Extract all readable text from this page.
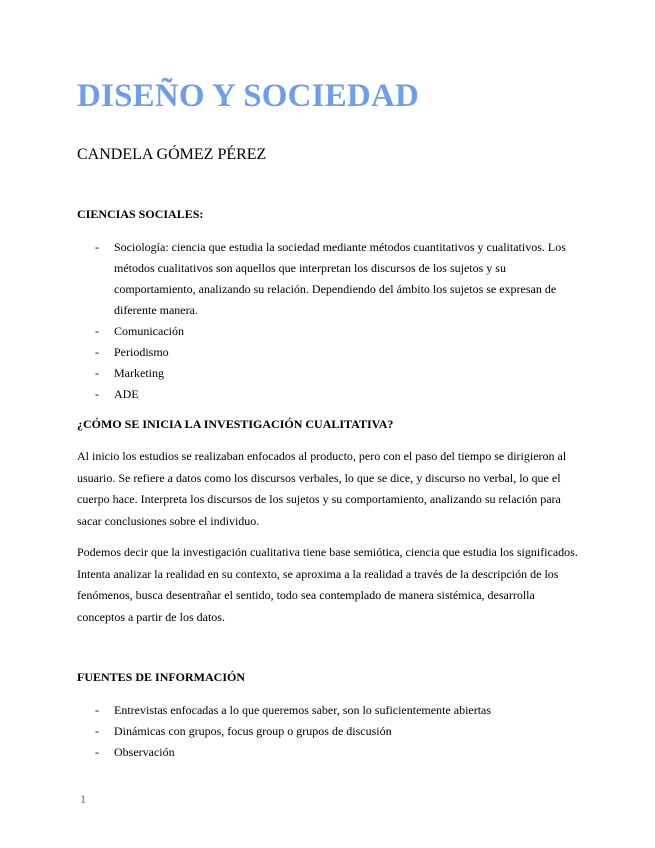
DISEÑO Y SOCIEDAD
CANDELA GÓMEZ PÉREZ
CIENCIAS SOCIALES:
- Sociología: ciencia que estudia la sociedad mediante métodos cuantitativos y cualitativos. Los métodos cualitativos son aquellos que interpretan los discursos de los sujetos y su comportamiento, analizando su relación. Dependiendo del ámbito los sujetos se expresan de diferente manera.
- Comunicación
- Periodismo
- Marketing
- ADE
¿CÓMO SE INICIA LA INVESTIGACIÓN CUALITATIVA?

Al inicio los estudios se realizaban enfocados al producto, pero con el paso del tiempo se dirigieron al usuario. Se refiere a datos como los discursos verbales, lo que se dice, y discurso no verbal, lo que el cuerpo hace. Interpreta los discursos de los sujetos y su comportamiento, analizando su relación para sacar conclusiones sobre el individuo.

Podemos decir que la investigación cualitativa tiene base semiótica, ciencia que estudia los significados. Intenta analizar la realidad en su contexto, se aproxima a la realidad a través de la descripción de los fenómenos, busca desentrañar el sentido, todo sea contemplado de manera sistémica, desarrolla conceptos a partir de los datos.

FUENTES DE INFORMACIÓN
- Entrevistas enfocadas a lo que queremos saber, son lo suficientemente abiertas
- Dinámicas con grupos, focus group o grupos de discusión
- Observación
1
